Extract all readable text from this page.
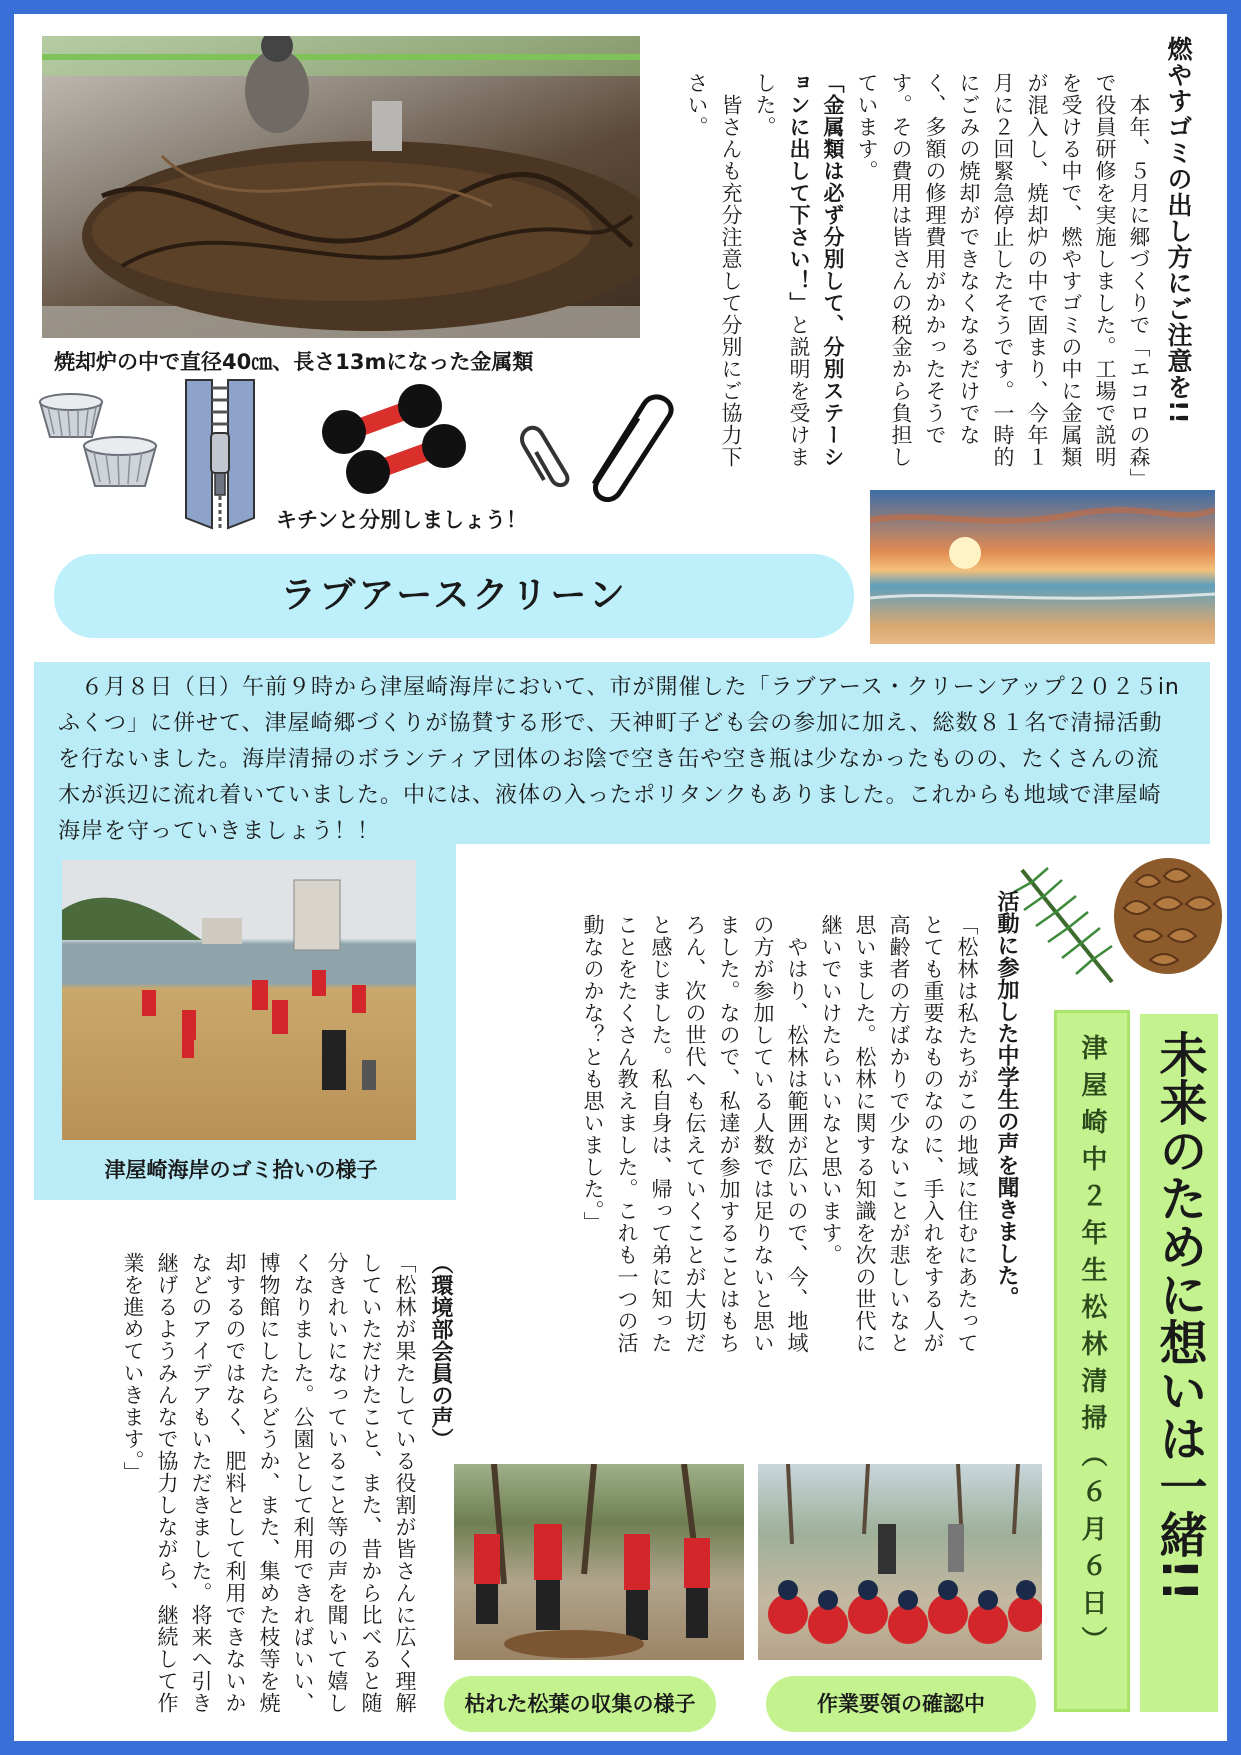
焼却炉の中で直径40㎝、長さ13mになった金属類	燃やすゴミの出し方にご注意を!!
　本年、５月に郷づくりで「エコロの森」で役員研修を実施しました。工場で説明を受ける中で、燃やすゴミの中に金属類が混入し、焼却炉の中で固まり、今年１月に２回緊急停止したそうです。一時的にごみの焼却ができなくなるだけでなく、多額の修理費用がかかったそうです。その費用は皆さんの税金から負担しています。
「金属類は必ず分別して、分別ステーションに出して下さい！」と説明を受けました。
　皆さんも充分注意して分別にご協力下さい。
キチンと分別しましょう！
ラブアースクリーン
　６月８日（日）午前９時から津屋崎海岸において、市が開催した「ラブアース・クリーンアップ２０２５inふくつ」に併せて、津屋崎郷づくりが協賛する形で、天神町子ども会の参加に加え、総数８１名で清掃活動を行ないました。海岸清掃のボランティア団体のお陰で空き缶や空き瓶は少なかったものの、たくさんの流木が浜辺に流れ着いていました。中には、液体の入ったポリタンクもありました。これからも地域で津屋崎海岸を守っていきましょう！！
津屋崎海岸のゴミ拾いの様子	未来のために想いは一緒!!
津屋崎中２年生松林清掃（６月６日）
活動に参加した中学生の声を聞きました。
「松林は私たちがこの地域に住むにあたってとても重要なものなのに、手入れをする人が高齢者の方ばかりで少ないことが悲しいなと思いました。松林に関する知識を次の世代に継いでいけたらいいなと思います。
　やはり、松林は範囲が広いので、今、地域の方が参加している人数では足りないと思いました。なので、私達が参加することはもちろん、次の世代へも伝えていくことが大切だと感じました。私自身は、帰って弟に知ったことをたくさん教えました。これも一つの活動なのかな？とも思いました。」
（環境部会員の声）
「松林が果たしている役割が皆さんに広く理解していただけたこと、また、昔から比べると随分きれいになっていること等の声を聞いて嬉しくなりました。公園として利用できればいい、博物館にしたらどうか、また、集めた枝等を焼却するのではなく、肥料として利用できないかなどのアイデアもいただきました。将来へ引き継げるようみんなで協力しながら、継続して作業を進めていきます。」
枯れた松葉の収集の様子	作業要領の確認中
